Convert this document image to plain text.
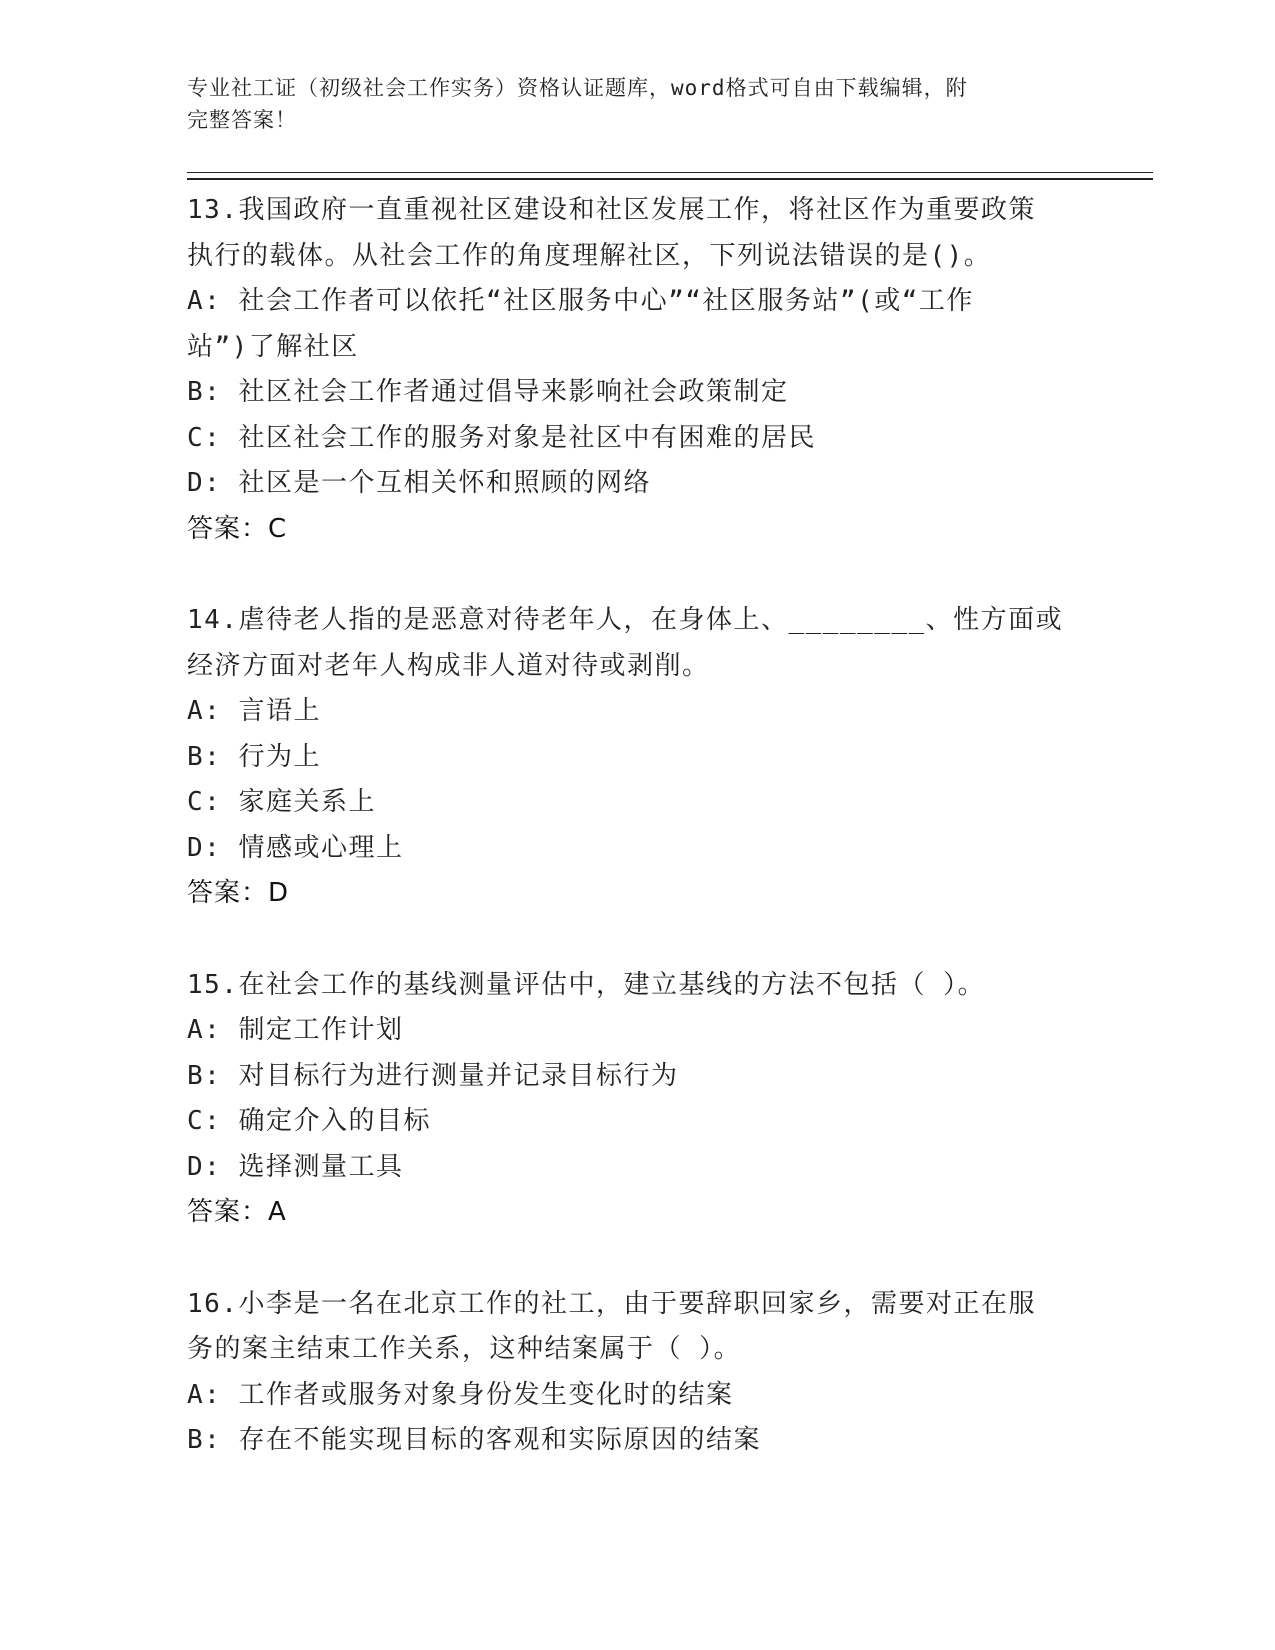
专业社工证（初级社会工作实务）资格认证题库，word格式可自由下载编辑，附
完整答案！
13.我国政府一直重视社区建设和社区发展工作，将社区作为重要政策
执行的载体。从社会工作的角度理解社区，下列说法错误的是()。
A: 社会工作者可以依托“社区服务中心”“社区服务站”(或“工作
站”)了解社区
B: 社区社会工作者通过倡导来影响社会政策制定
C: 社区社会工作的服务对象是社区中有困难的居民
D: 社区是一个互相关怀和照顾的网络
答案：C
14.虐待老人指的是恶意对待老年人，在身体上、________、性方面或
经济方面对老年人构成非人道对待或剥削。
A: 言语上
B: 行为上
C: 家庭关系上
D: 情感或心理上
答案：D
15.在社会工作的基线测量评估中，建立基线的方法不包括（ ）。
A: 制定工作计划
B: 对目标行为进行测量并记录目标行为
C: 确定介入的目标
D: 选择测量工具
答案：A
16.小李是一名在北京工作的社工，由于要辞职回家乡，需要对正在服
务的案主结束工作关系，这种结案属于（ ）。
A: 工作者或服务对象身份发生变化时的结案
B: 存在不能实现目标的客观和实际原因的结案
